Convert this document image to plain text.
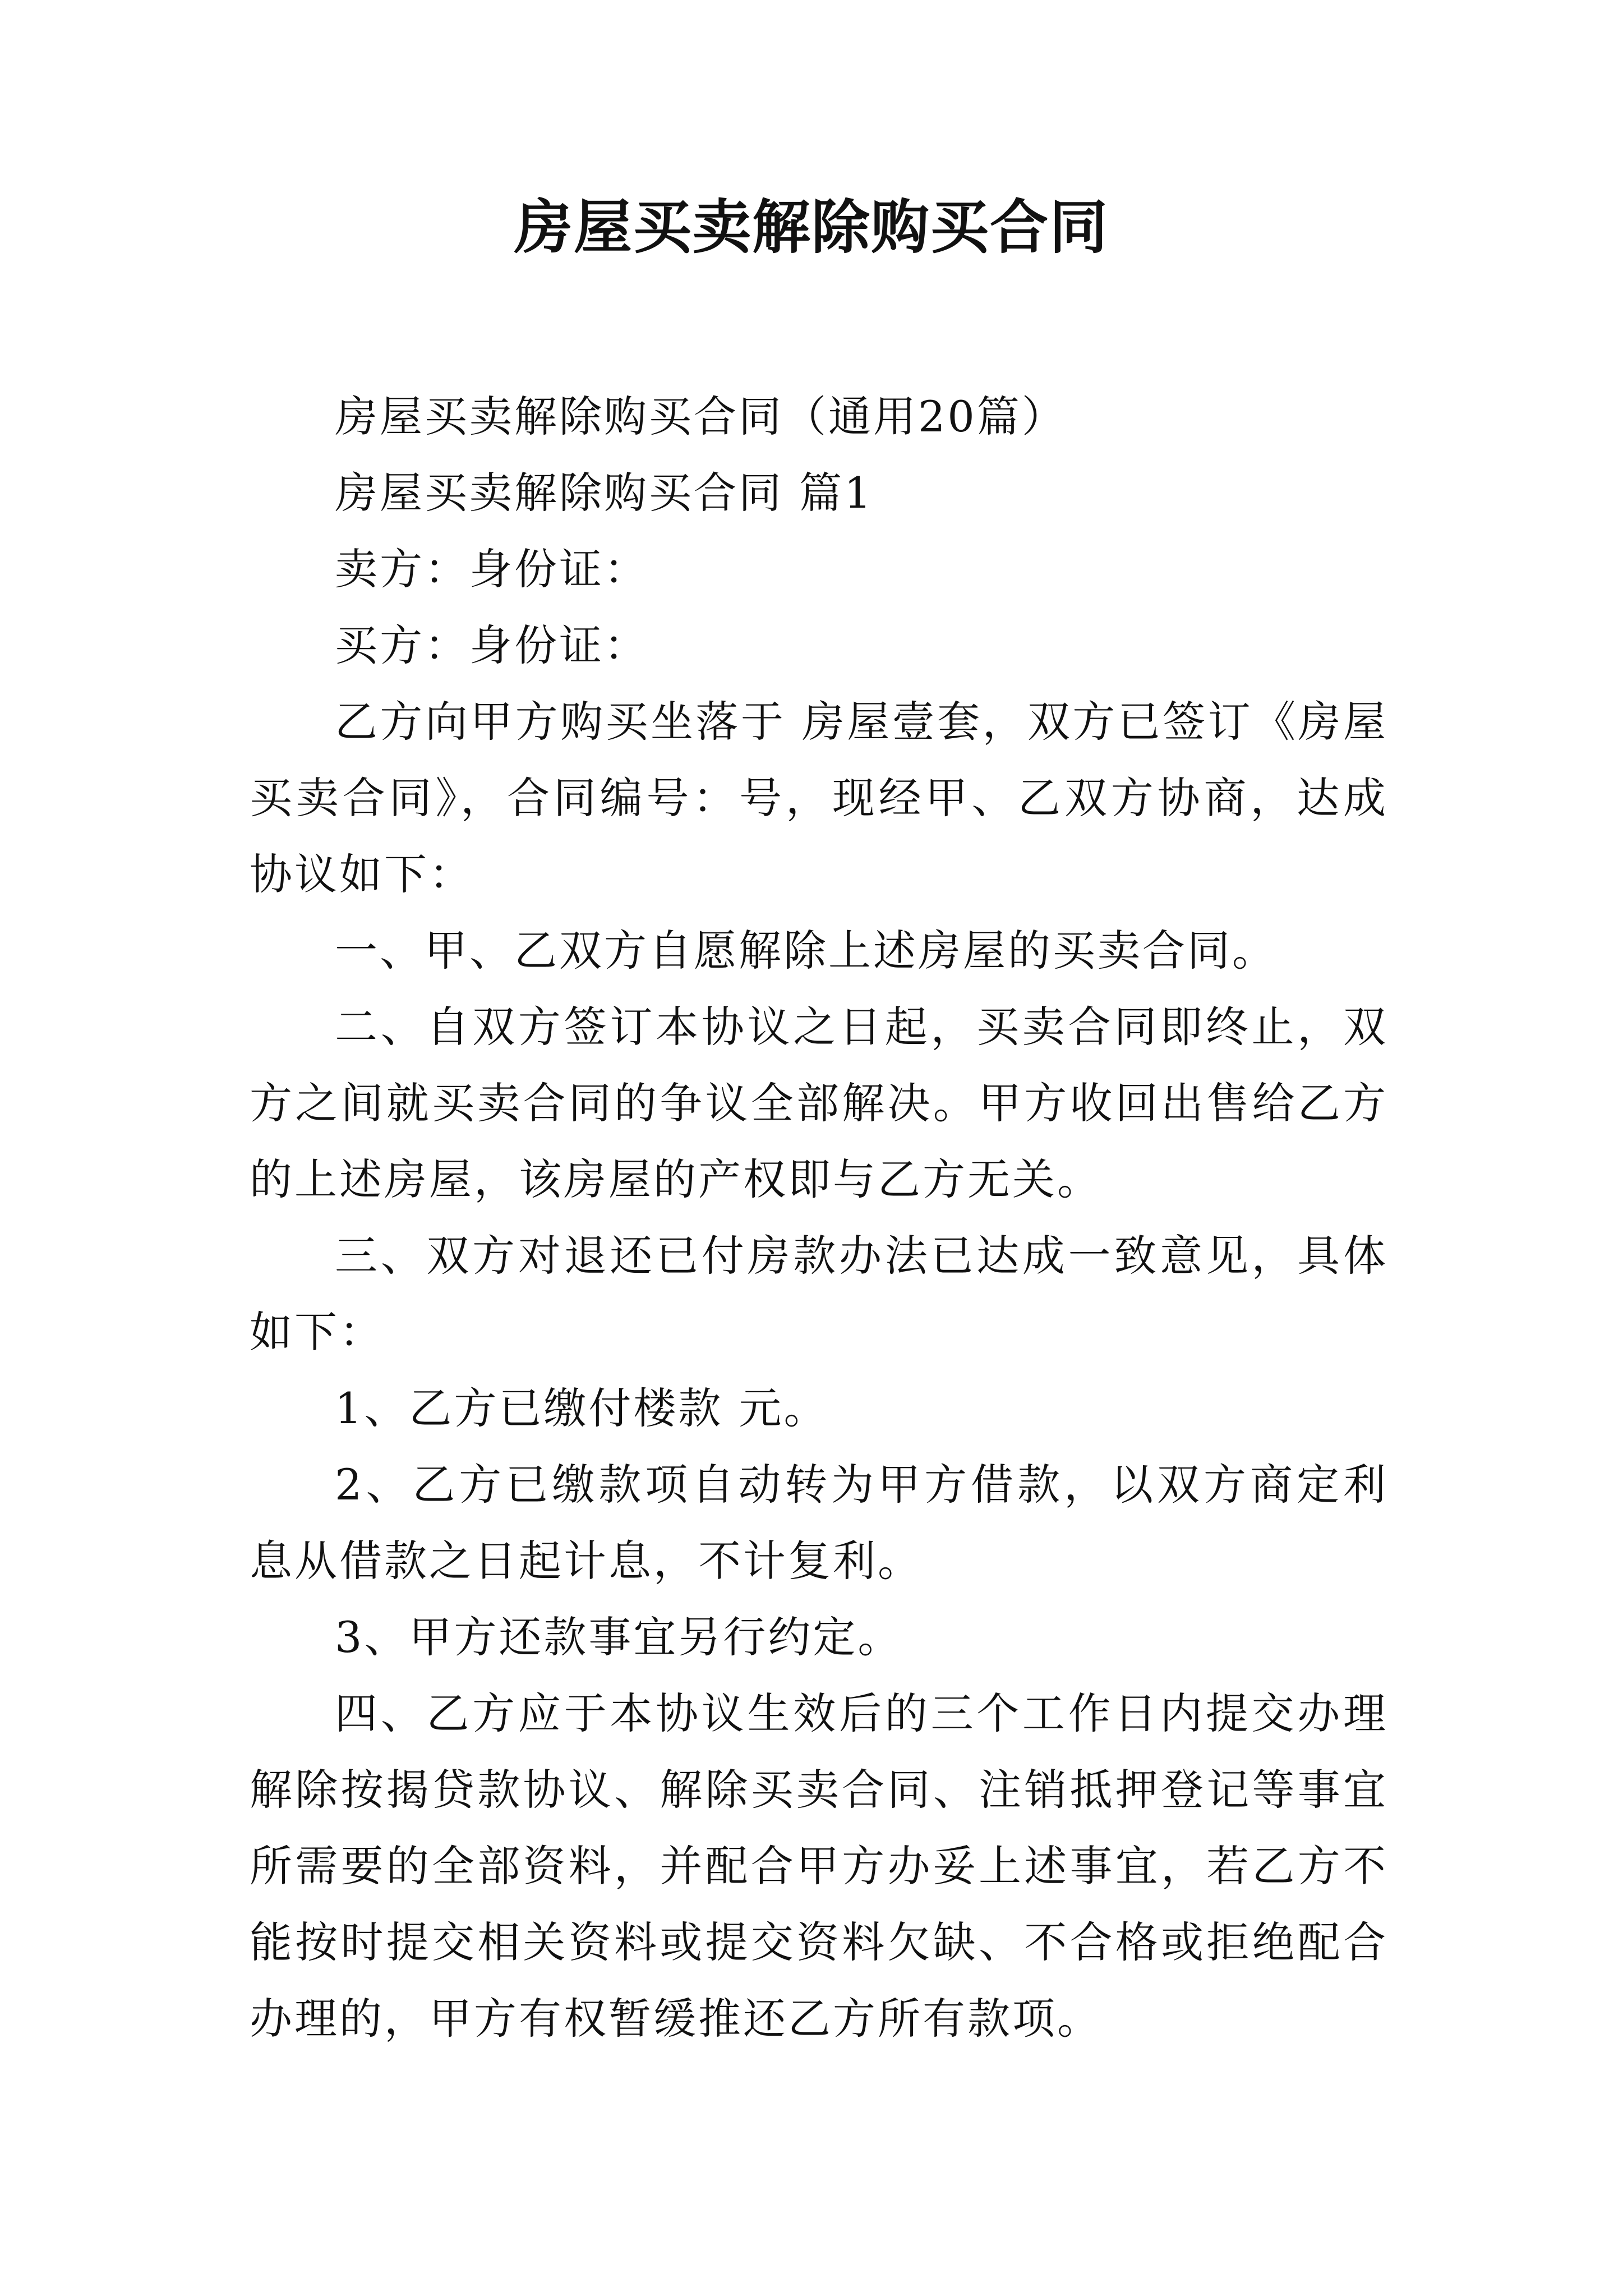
房屋买卖解除购买合同

房屋买卖解除购买合同（通用20篇）

房屋买卖解除购买合同 篇1

卖方：身份证：

买方：身份证：

乙方向甲方购买坐落于 房屋壹套，双方已签订《房屋买卖合同》，合同编号：号，现经甲、乙双方协商，达成协议如下：

一、甲、乙双方自愿解除上述房屋的买卖合同。

二、自双方签订本协议之日起，买卖合同即终止，双方之间就买卖合同的争议全部解决。甲方收回出售给乙方的上述房屋，该房屋的产权即与乙方无关。

三、双方对退还已付房款办法已达成一致意见，具体如下：

1、乙方已缴付楼款 元。

2、乙方已缴款项自动转为甲方借款，以双方商定利息从借款之日起计息，不计复利。

3、甲方还款事宜另行约定。

四、乙方应于本协议生效后的三个工作日内提交办理解除按揭贷款协议、解除买卖合同、注销抵押登记等事宜所需要的全部资料，并配合甲方办妥上述事宜，若乙方不能按时提交相关资料或提交资料欠缺、不合格或拒绝配合办理的，甲方有权暂缓推还乙方所有款项。
